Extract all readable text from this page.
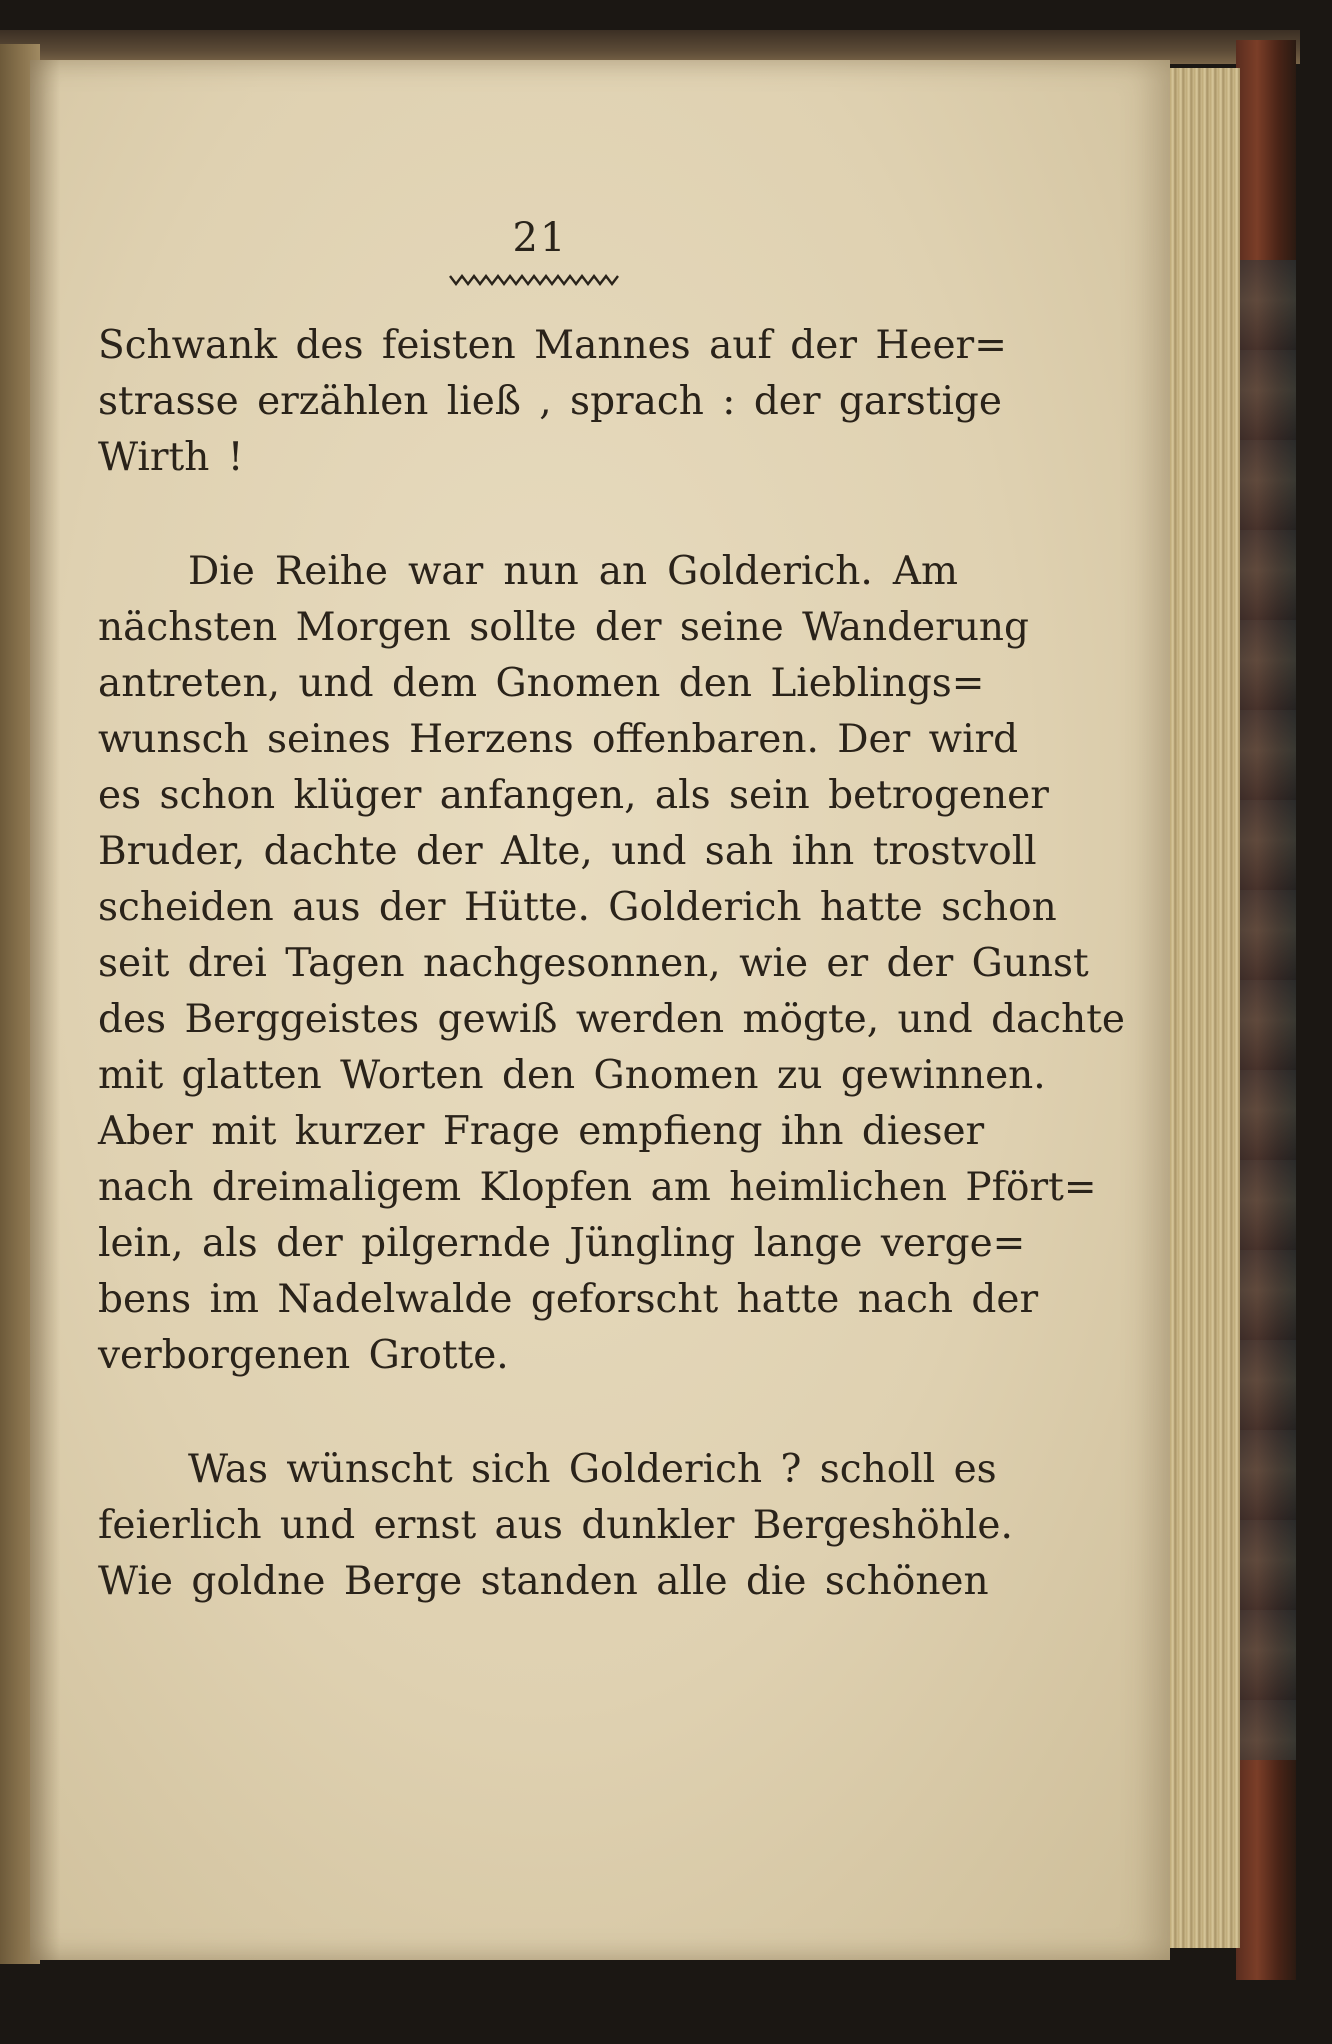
21

Schwank des feisten Mannes auf der Heer=
strasse erzählen ließ , sprach : der garstige
Wirth !

Die Reihe war nun an Golderich. Am
nächsten Morgen sollte der seine Wanderung
antreten, und dem Gnomen den Lieblings=
wunsch seines Herzens offenbaren. Der wird
es schon klüger anfangen, als sein betrogener
Bruder, dachte der Alte, und sah ihn trostvoll
scheiden aus der Hütte. Golderich hatte schon
seit drei Tagen nachgesonnen, wie er der Gunst
des Berggeistes gewiß werden mögte, und dachte
mit glatten Worten den Gnomen zu gewinnen.
Aber mit kurzer Frage empfieng ihn dieser
nach dreimaligem Klopfen am heimlichen Pfört=
lein, als der pilgernde Jüngling lange verge=
bens im Nadelwalde geforscht hatte nach der
verborgenen Grotte.

Was wünscht sich Golderich ? scholl es
feierlich und ernst aus dunkler Bergeshöhle.
Wie goldne Berge standen alle die schönen
